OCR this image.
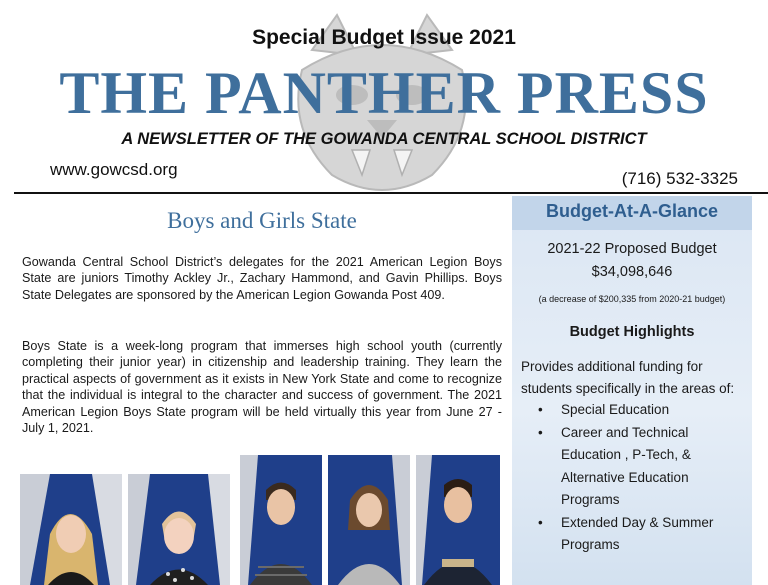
Special Budget Issue 2021
THE PANTHER PRESS
A NEWSLETTER OF THE GOWANDA CENTRAL SCHOOL DISTRICT
www.gowcsd.org	(716) 532-3325
Boys and Girls State
Gowanda Central School District’s delegates for the 2021 American Legion Boys State are juniors Timothy Ackley Jr., Zachary Hammond, and Gavin Phillips. Boys State Delegates are sponsored by the American Legion Gowanda Post 409.
Boys State is a week-long program that immerses high school youth (currently completing their junior year) in citizenship and leadership training. They learn the practical aspects of government as it exists in New York State and come to recognize that the individual is integral to the character and success of government. The 2021 American Legion Boys State program will be held virtually this year from June 27 - July 1, 2021.
Budget-At-A-Glance
2021-22 Proposed Budget
$34,098,646
(a decrease of $200,335 from 2020-21 budget)
Budget Highlights
Provides additional funding for students specifically in the areas of:
• Special Education
• Career and Technical Education , P-Tech, & Alternative Education Programs
• Extended Day & Summer Programs
